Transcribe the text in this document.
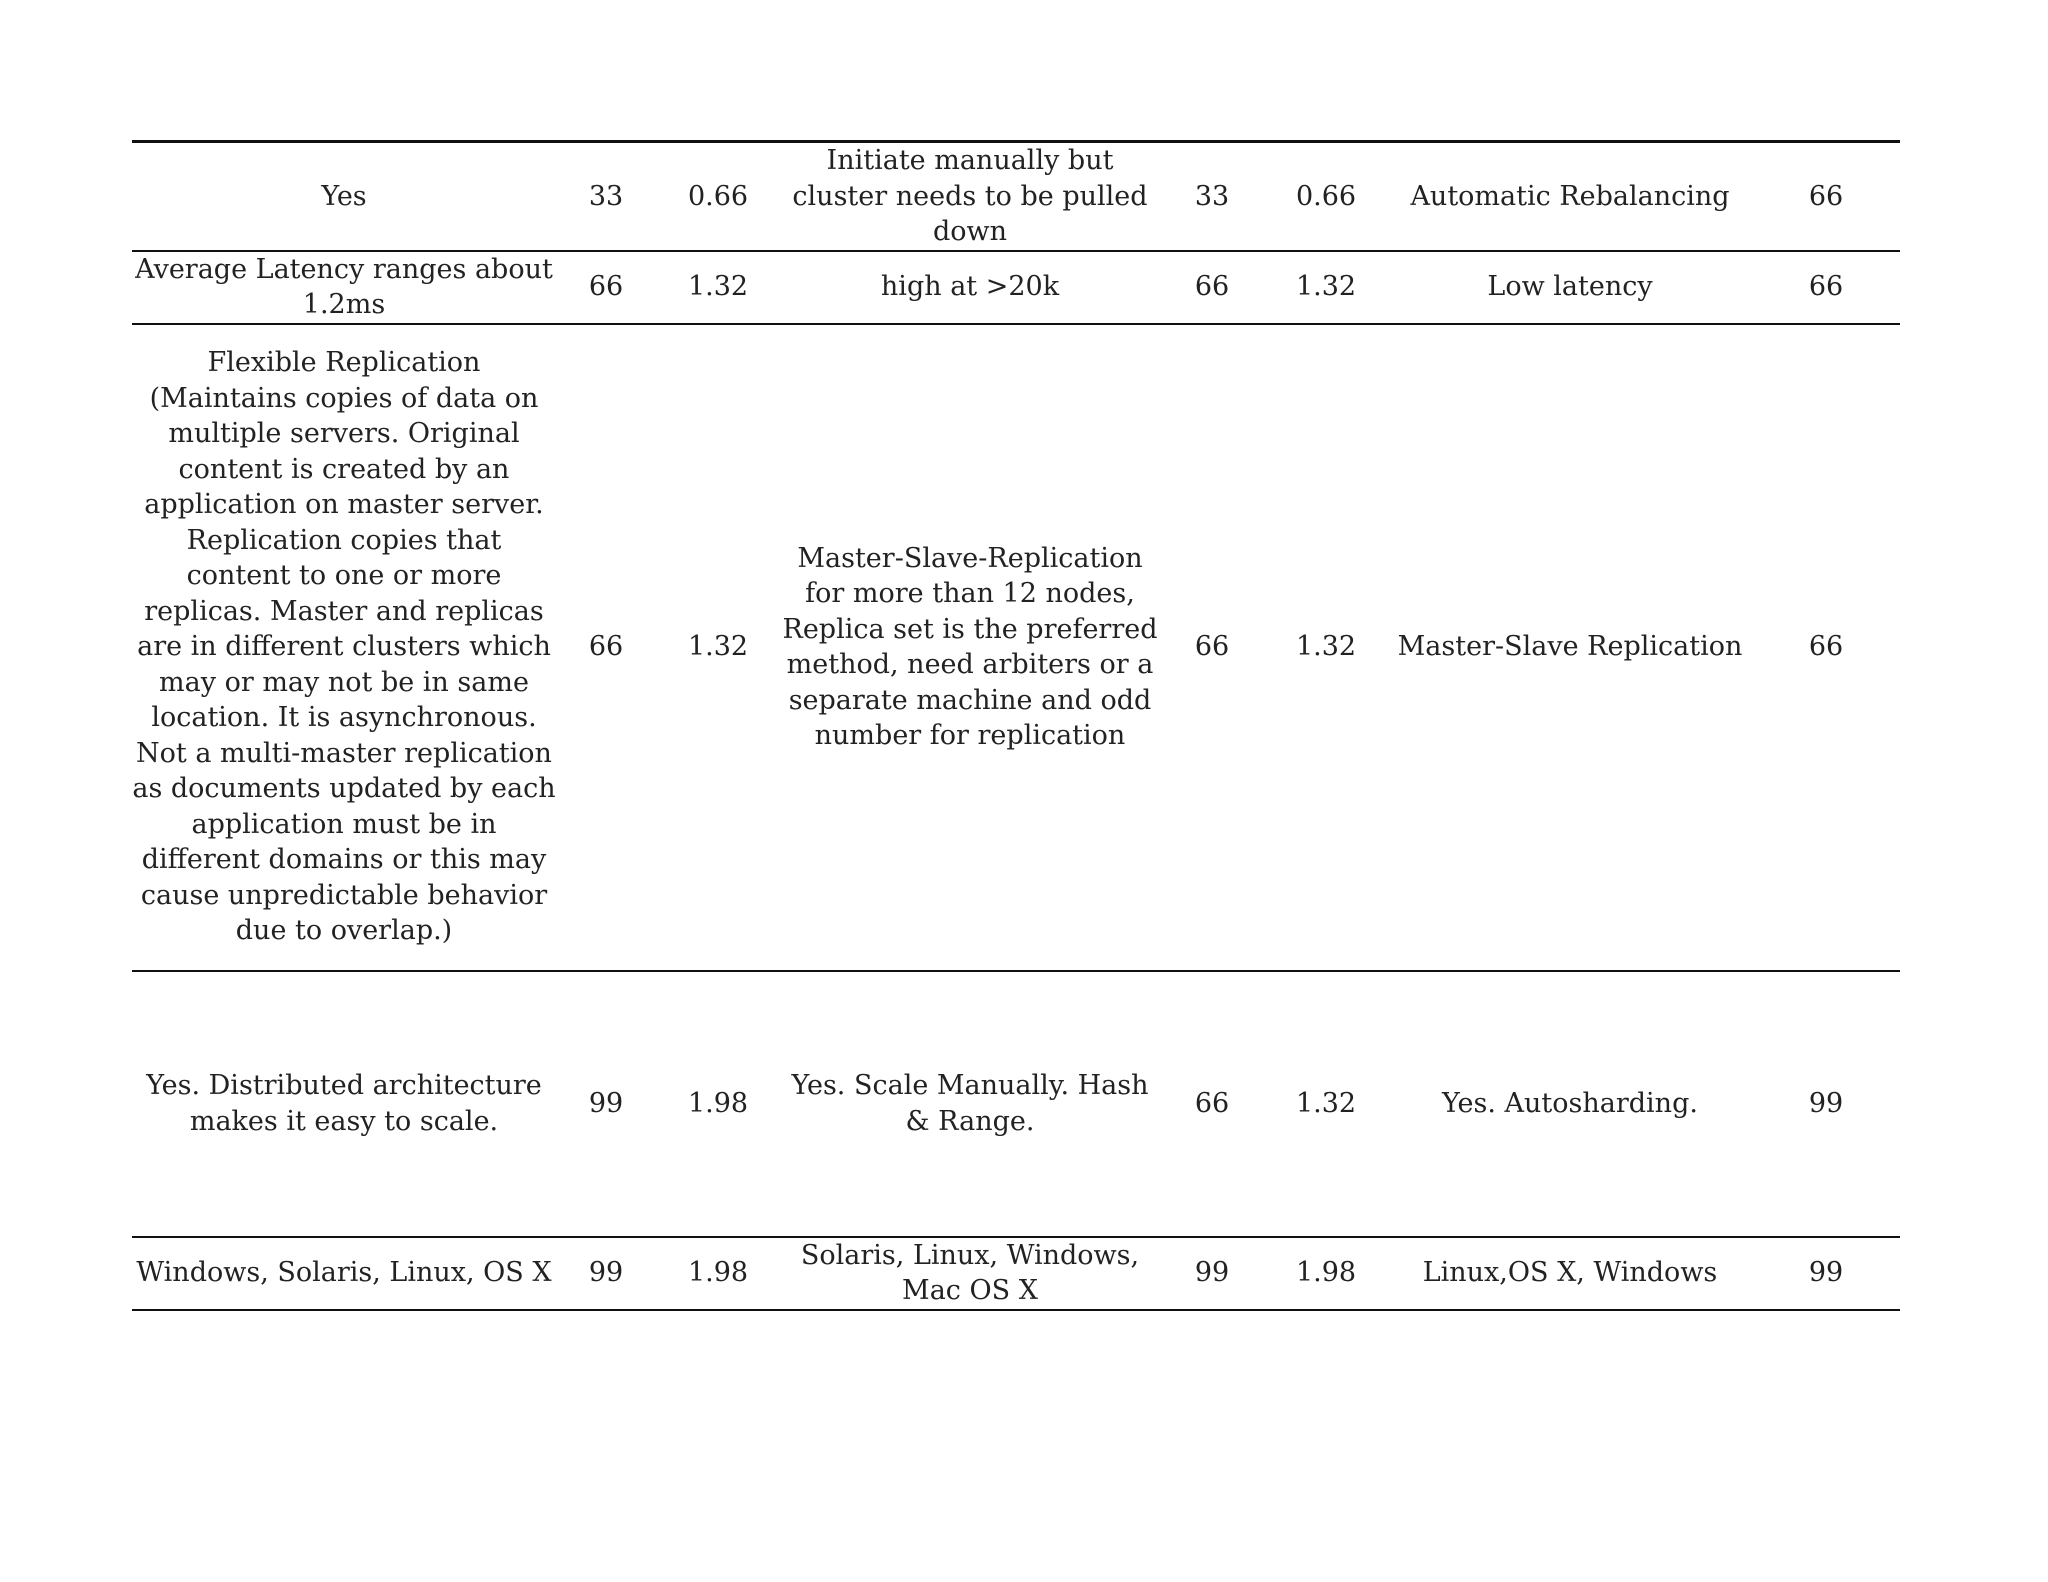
Yes	33	0.66	Initiate manually but cluster needs to be pulled down	33	0.66	Automatic Rebalancing	66
Average Latency ranges about 1.2ms	66	1.32	high at >20k	66	1.32	Low latency	66
Flexible Replication (Maintains copies of data on multiple servers. Original content is created by an application on master server. Replication copies that content to one or more replicas. Master and replicas are in different clusters which may or may not be in same location. It is asynchronous. Not a multi-master replication as documents updated by each application must be in different domains or this may cause unpredictable behavior due to overlap.)	66	1.32	Master-Slave-Replication for more than 12 nodes, Replica set is the preferred method, need arbiters or a separate machine and odd number for replication	66	1.32	Master-Slave Replication	66
Yes. Distributed architecture makes it easy to scale.	99	1.98	Yes. Scale Manually. Hash & Range.	66	1.32	Yes. Autosharding.	99
Windows, Solaris, Linux, OS X	99	1.98	Solaris, Linux, Windows, Mac OS X	99	1.98	Linux,OS X, Windows	99
